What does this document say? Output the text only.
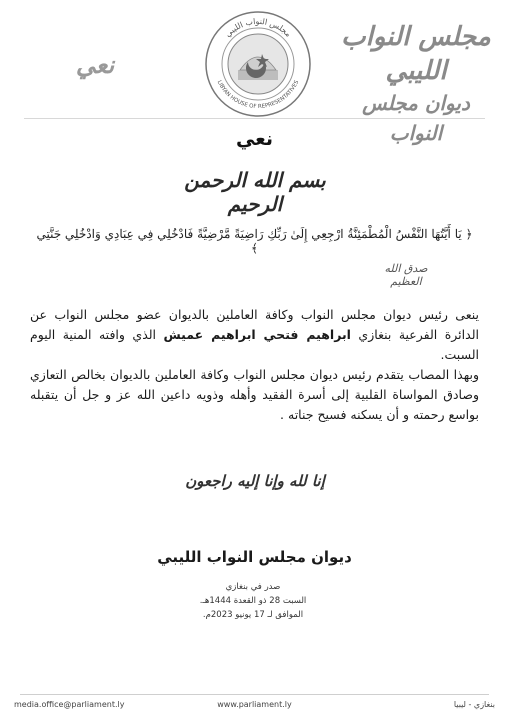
مجلس النواب الليبي
ديوان مجلس النواب
مجلس النواب الليبي
LIBYAN HOUSE OF REPRESENTATIVES
نعي
نعي
بسم الله الرحمن الرحيم
﴿ يَا أَيَّتُهَا النَّفْسُ الْمُطْمَئِنَّةُ ارْجِعِي إِلَىٰ رَبِّكِ رَاضِيَةً مَّرْضِيَّةً فَادْخُلِي فِي عِبَادِي وَادْخُلِي جَنَّتِي ﴾
صدق الله العظيم

ينعى رئيس ديوان مجلس النواب وكافة العاملين بالديوان عضو مجلس النواب عن الدائرة الفرعية بنغازي ابراهيم فتحي ابراهيم عميش الذي وافته المنية اليوم السبت.

وبهذا المصاب يتقدم رئيس ديوان مجلس النواب وكافة العاملين بالديوان بخالص التعازي وصادق المواساة القلبية إلى أسرة الفقيد وأهله وذويه داعين الله عز و جل أن يتقبله بواسع رحمته و أن يسكنه فسيح جناته .

إنا لله وإنا إليه راجعون
ديوان مجلس النواب الليبي
صدر في بنغازي
السبت 28 ذو القعدة 1444هـ.
الموافق لـ 17 يونيو 2023م.
media.office@parliament.ly	www.parliament.ly	بنغازي - ليبيا
